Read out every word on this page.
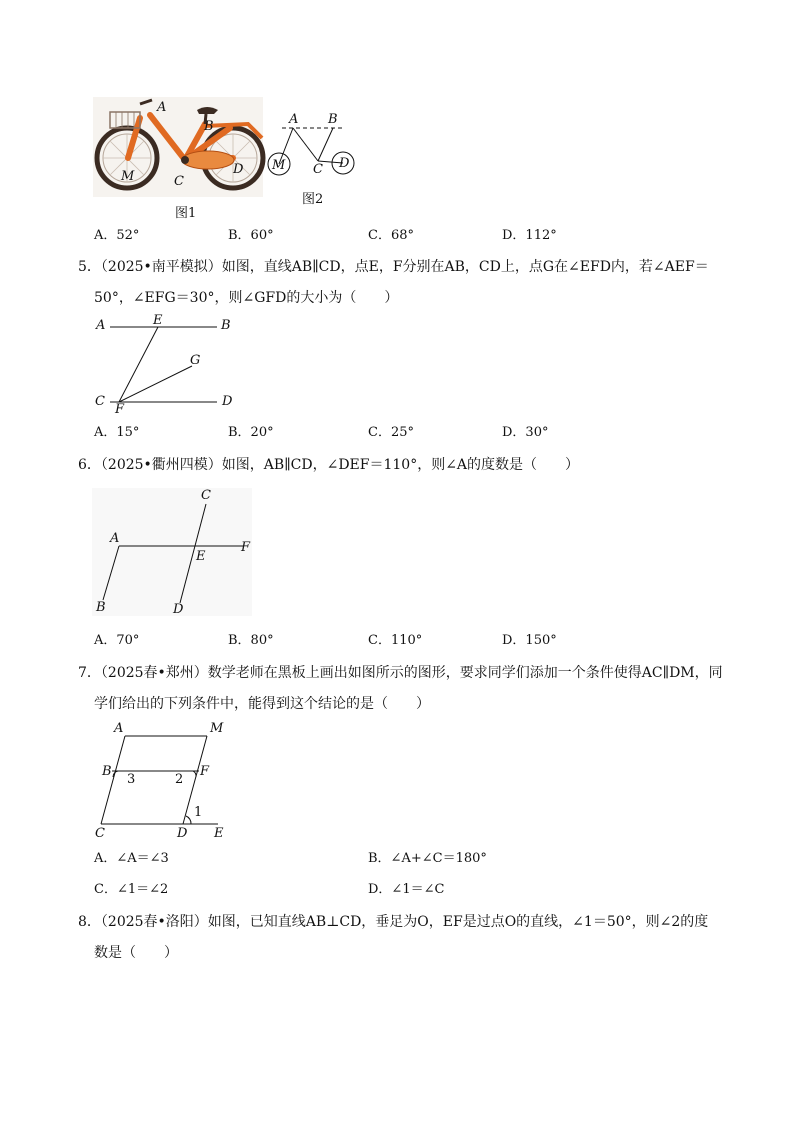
A
B
C
D
M
图1
A B
M C D
图2
A．52°	B．60°	C．68°	D．112°
5．（2025•南平模拟）如图，直线AB∥CD，点E，F分别在AB，CD上，点G在∠EFD内，若∠AEF＝
50°，∠EFG＝30°，则∠GFD的大小为（　　）
A	E	B
G
C
F
D
A．15°	B．20°	C．25°	D．30°
6．（2025•衢州四模）如图，AB∥CD，∠DEF＝110°，则∠A的度数是（　　）
C
A
E
F
B	D
A．70°	B．80°	C．110°	D．150°
7．（2025春•郑州）数学老师在黑板上画出如图所示的图形，要求同学们添加一个条件使得AC∥DM，同
学们给出的下列条件中，能得到这个结论的是（　　）
A	M
B
3	2
F
1
C	D E
A．∠A＝∠3	B．∠A+∠C＝180°
C．∠1＝∠2	D．∠1＝∠C
8．（2025春•洛阳）如图，已知直线AB⊥CD，垂足为O，EF是过点O的直线，∠1＝50°，则∠2的度
数是（　　）
